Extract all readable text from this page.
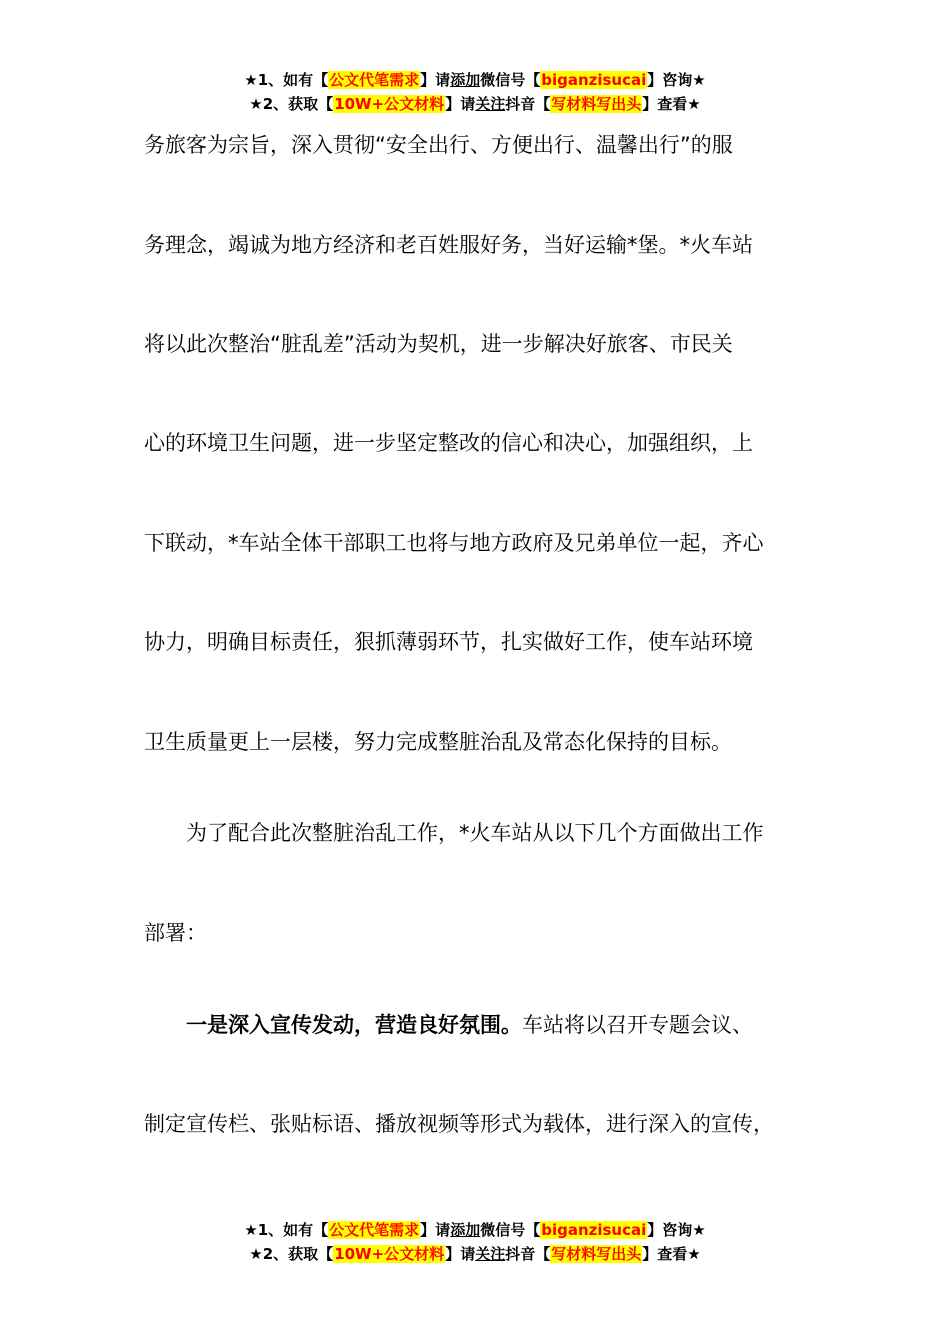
★1、如有【公文代笔需求】请添加微信号【biganzisucai】咨询★
★2、获取【10W+公文材料】请关注抖音【写材料写出头】查看★
务旅客为宗旨，深入贯彻“安全出行、方便出行、温馨出行”的服
务理念，竭诚为地方经济和老百姓服好务，当好运输*堡。*火车站
将以此次整治“脏乱差”活动为契机，进一步解决好旅客、市民关
心的环境卫生问题，进一步坚定整改的信心和决心，加强组织，上
下联动，*车站全体干部职工也将与地方政府及兄弟单位一起，齐心
协力，明确目标责任，狠抓薄弱环节，扎实做好工作，使车站环境
卫生质量更上一层楼，努力完成整脏治乱及常态化保持的目标。
为了配合此次整脏治乱工作，*火车站从以下几个方面做出工作
部署：
一是深入宣传发动，营造良好氛围。车站将以召开专题会议、
制定宣传栏、张贴标语、播放视频等形式为载体，进行深入的宣传，
★1、如有【公文代笔需求】请添加微信号【biganzisucai】咨询★
★2、获取【10W+公文材料】请关注抖音【写材料写出头】查看★
